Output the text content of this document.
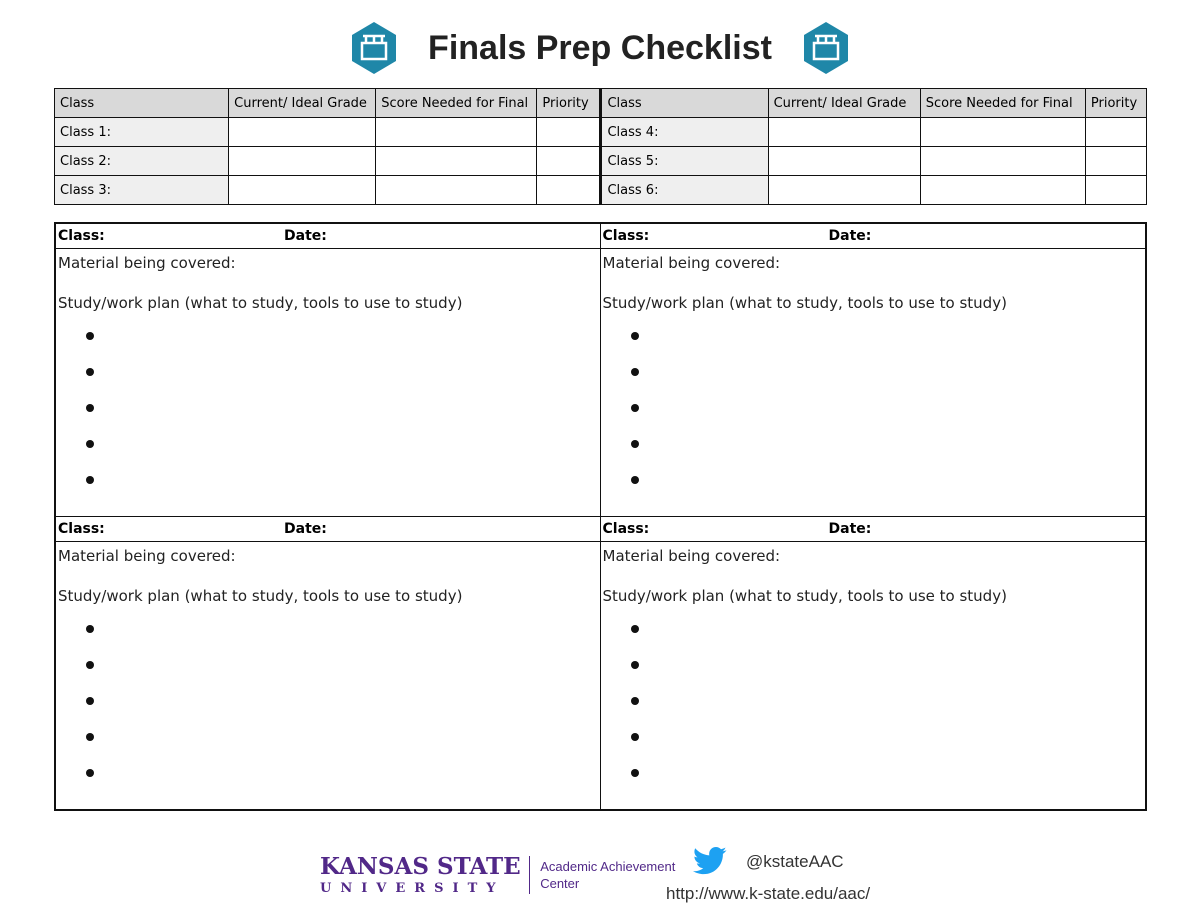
Finals Prep Checklist
Class	Current/ Ideal Grade	Score Needed for Final	Priority	Class	Current/ Ideal Grade	Score Needed for Final	Priority
Class 1:				Class 4:			
Class 2:				Class 5:			
Class 3:				Class 6:			
Class:	Date:
Material being covered:
Study/work plan (what to study, tools to use to study)
Class:	Date:
Material being covered:
Study/work plan (what to study, tools to use to study)
Class:	Date:
Material being covered:
Study/work plan (what to study, tools to use to study)
Class:	Date:
Material being covered:
Study/work plan (what to study, tools to use to study)
KANSAS STATE
UNIVERSITY
Academic Achievement
Center
@kstateAAC
http://www.k-state.edu/aac/
